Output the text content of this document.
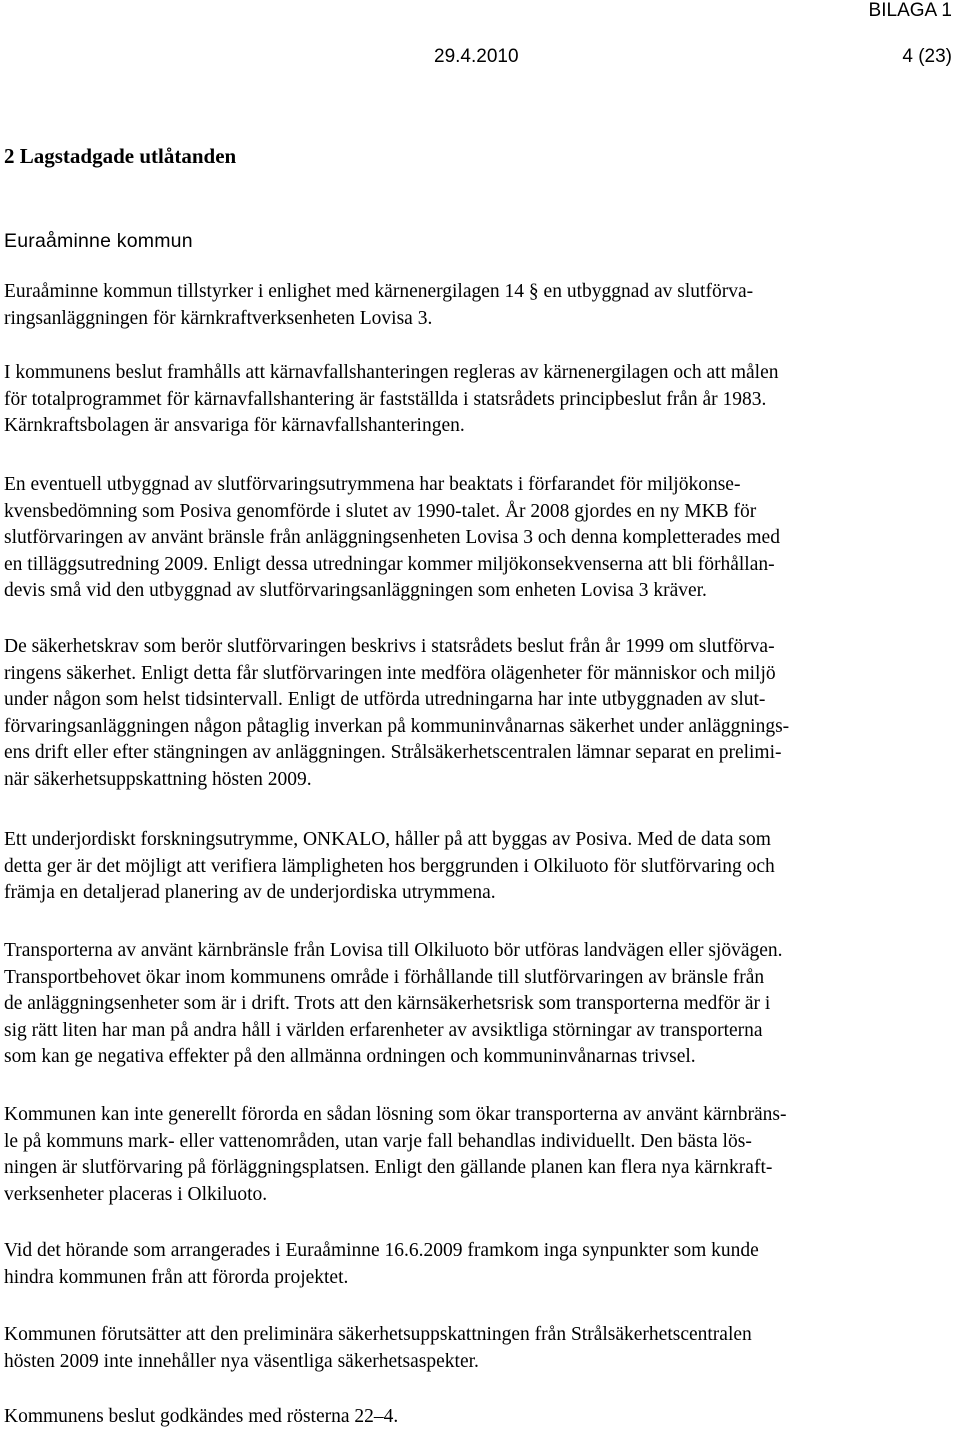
BILAGA 1
29.4.2010	4 (23)
2 Lagstadgade utlåtanden
Euraåminne kommun

Euraåminne kommun tillstyrker i enlighet med kärnenergilagen 14 § en utbyggnad av slutförva-
ringsanläggningen för kärnkraftverksenheten Lovisa 3.

I kommunens beslut framhålls att kärnavfallshanteringen regleras av kärnenergilagen och att målen
för totalprogrammet för kärnavfallshantering är fastställda i statsrådets principbeslut från år 1983.
Kärnkraftsbolagen är ansvariga för kärnavfallshanteringen.

En eventuell utbyggnad av slutförvaringsutrymmena har beaktats i förfarandet för miljökonse-
kvensbedömning som Posiva genomförde i slutet av 1990-talet. År 2008 gjordes en ny MKB för
slutförvaringen av använt bränsle från anläggningsenheten Lovisa 3 och denna kompletterades med
en tilläggsutredning 2009. Enligt dessa utredningar kommer miljökonsekvenserna att bli förhållan-
devis små vid den utbyggnad av slutförvaringsanläggningen som enheten Lovisa 3 kräver.

De säkerhetskrav som berör slutförvaringen beskrivs i statsrådets beslut från år 1999 om slutförva-
ringens säkerhet. Enligt detta får slutförvaringen inte medföra olägenheter för människor och miljö
under någon som helst tidsintervall. Enligt de utförda utredningarna har inte utbyggnaden av slut-
förvaringsanläggningen någon påtaglig inverkan på kommuninvånarnas säkerhet under anläggnings-
ens drift eller efter stängningen av anläggningen. Strålsäkerhetscentralen lämnar separat en prelimi-
när säkerhetsuppskattning hösten 2009.

Ett underjordiskt forskningsutrymme, ONKALO, håller på att byggas av Posiva. Med de data som
detta ger är det möjligt att verifiera lämpligheten hos berggrunden i Olkiluoto för slutförvaring och
främja en detaljerad planering av de underjordiska utrymmena.

Transporterna av använt kärnbränsle från Lovisa till Olkiluoto bör utföras landvägen eller sjövägen.
Transportbehovet ökar inom kommunens område i förhållande till slutförvaringen av bränsle från
de anläggningsenheter som är i drift. Trots att den kärnsäkerhetsrisk som transporterna medför är i
sig rätt liten har man på andra håll i världen erfarenheter av avsiktliga störningar av transporterna
som kan ge negativa effekter på den allmänna ordningen och kommuninvånarnas trivsel.

Kommunen kan inte generellt förorda en sådan lösning som ökar transporterna av använt kärnbräns-
le på kommuns mark- eller vattenområden, utan varje fall behandlas individuellt. Den bästa lös-
ningen är slutförvaring på förläggningsplatsen. Enligt den gällande planen kan flera nya kärnkraft-
verksenheter placeras i Olkiluoto.

Vid det hörande som arrangerades i Euraåminne 16.6.2009 framkom inga synpunkter som kunde
hindra kommunen från att förorda projektet.

Kommunen förutsätter att den preliminära säkerhetsuppskattningen från Strålsäkerhetscentralen
hösten 2009 inte innehåller nya väsentliga säkerhetsaspekter.

Kommunens beslut godkändes med rösterna 22–4.
